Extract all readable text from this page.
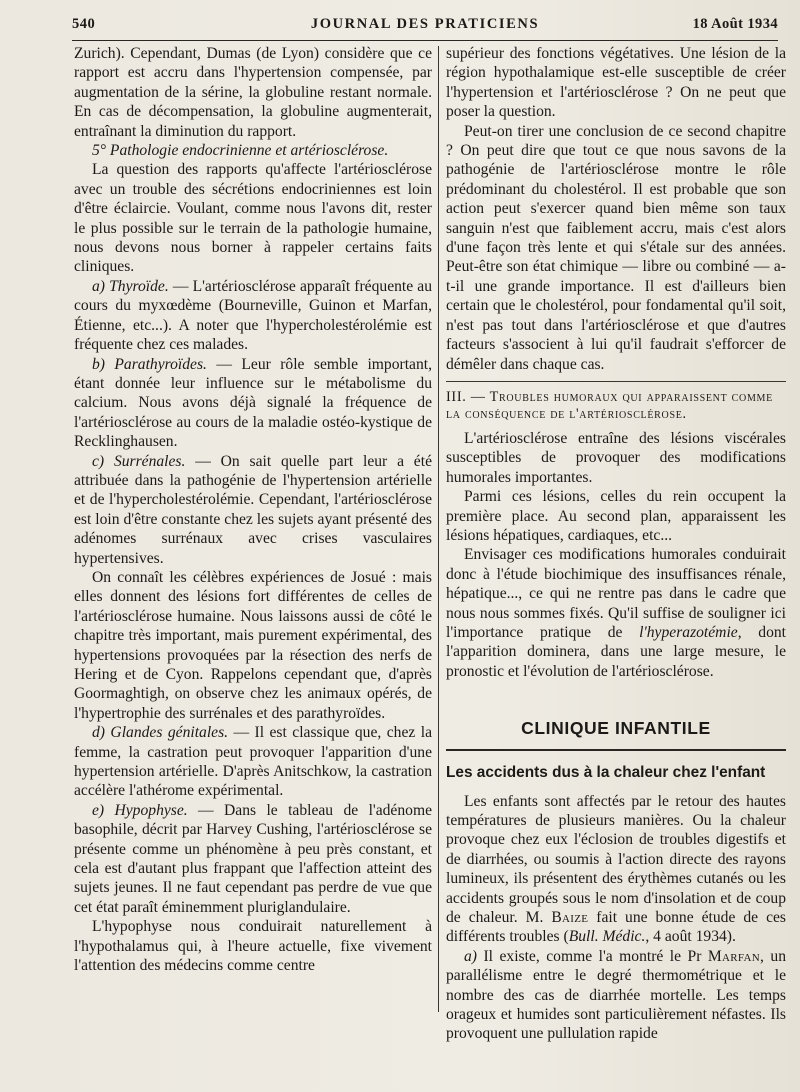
540	JOURNAL DES PRATICIENS	18 Août 1934

Zurich). Cependant, Dumas (de Lyon) considère que ce rapport est accru dans l'hypertension compensée, par augmentation de la sérine, la globuline restant normale. En cas de décompensation, la globuline augmenterait, entraînant la diminution du rapport.

5° Pathologie endocrinienne et artériosclérose.

La question des rapports qu'affecte l'artériosclérose avec un trouble des sécrétions endocriniennes est loin d'être éclaircie. Voulant, comme nous l'avons dit, rester le plus possible sur le terrain de la pathologie humaine, nous devons nous borner à rappeler certains faits cliniques.

a) Thyroïde. — L'artériosclérose apparaît fréquente au cours du myxœdème (Bourneville, Guinon et Marfan, Étienne, etc...). A noter que l'hypercholestérolémie est fréquente chez ces malades.

b) Parathyroïdes. — Leur rôle semble important, étant donnée leur influence sur le métabolisme du calcium. Nous avons déjà signalé la fréquence de l'artériosclérose au cours de la maladie ostéo-kystique de Recklinghausen.

c) Surrénales. — On sait quelle part leur a été attribuée dans la pathogénie de l'hypertension artérielle et de l'hypercholestérolémie. Cependant, l'artériosclérose est loin d'être constante chez les sujets ayant présenté des adénomes surrénaux avec crises vasculaires hypertensives.

On connaît les célèbres expériences de Josué : mais elles donnent des lésions fort différentes de celles de l'artériosclérose humaine. Nous laissons aussi de côté le chapitre très important, mais purement expérimental, des hypertensions provoquées par la résection des nerfs de Hering et de Cyon. Rappelons cependant que, d'après Goormaghtigh, on observe chez les animaux opérés, de l'hypertrophie des surrénales et des parathyroïdes.

d) Glandes génitales. — Il est classique que, chez la femme, la castration peut provoquer l'apparition d'une hypertension artérielle. D'après Anitschkow, la castration accélère l'athérome expérimental.

e) Hypophyse. — Dans le tableau de l'adénome basophile, décrit par Harvey Cushing, l'artériosclérose se présente comme un phénomène à peu près constant, et cela est d'autant plus frappant que l'affection atteint des sujets jeunes. Il ne faut cependant pas perdre de vue que cet état paraît éminemment pluriglandulaire.

L'hypophyse nous conduirait naturellement à l'hypothalamus qui, à l'heure actuelle, fixe vivement l'attention des médecins comme centre

supérieur des fonctions végétatives. Une lésion de la région hypothalamique est-elle susceptible de créer l'hypertension et l'artériosclérose ? On ne peut que poser la question.

Peut-on tirer une conclusion de ce second chapitre ? On peut dire que tout ce que nous savons de la pathogénie de l'artériosclérose montre le rôle prédominant du cholestérol. Il est probable que son action peut s'exercer quand bien même son taux sanguin n'est que faiblement accru, mais c'est alors d'une façon très lente et qui s'étale sur des années. Peut-être son état chimique — libre ou combiné — a-t-il une grande importance. Il est d'ailleurs bien certain que le cholestérol, pour fondamental qu'il soit, n'est pas tout dans l'artériosclérose et que d'autres facteurs s'associent à lui qu'il faudrait s'efforcer de démêler dans chaque cas.

III. — Troubles humoraux qui apparaissent comme la conséquence de l'artériosclérose.

L'artériosclérose entraîne des lésions viscérales susceptibles de provoquer des modifications humorales importantes.

Parmi ces lésions, celles du rein occupent la première place. Au second plan, apparaissent les lésions hépatiques, cardiaques, etc...

Envisager ces modifications humorales conduirait donc à l'étude biochimique des insuffisances rénale, hépatique..., ce qui ne rentre pas dans le cadre que nous nous sommes fixés. Qu'il suffise de souligner ici l'importance pratique de l'hyperazotémie, dont l'apparition dominera, dans une large mesure, le pronostic et l'évolution de l'artériosclérose.

CLINIQUE INFANTILE
Les accidents dus à la chaleur chez l'enfant

Les enfants sont affectés par le retour des hautes températures de plusieurs manières. Ou la chaleur provoque chez eux l'éclosion de troubles digestifs et de diarrhées, ou soumis à l'action directe des rayons lumineux, ils présentent des érythèmes cutanés ou les accidents groupés sous le nom d'insolation et de coup de chaleur. M. Baize fait une bonne étude de ces différents troubles (Bull. Médic., 4 août 1934).

a) Il existe, comme l'a montré le Pr Marfan, un parallélisme entre le degré thermométrique et le nombre des cas de diarrhée mortelle. Les temps orageux et humides sont particulièrement néfastes. Ils provoquent une pullulation rapide
